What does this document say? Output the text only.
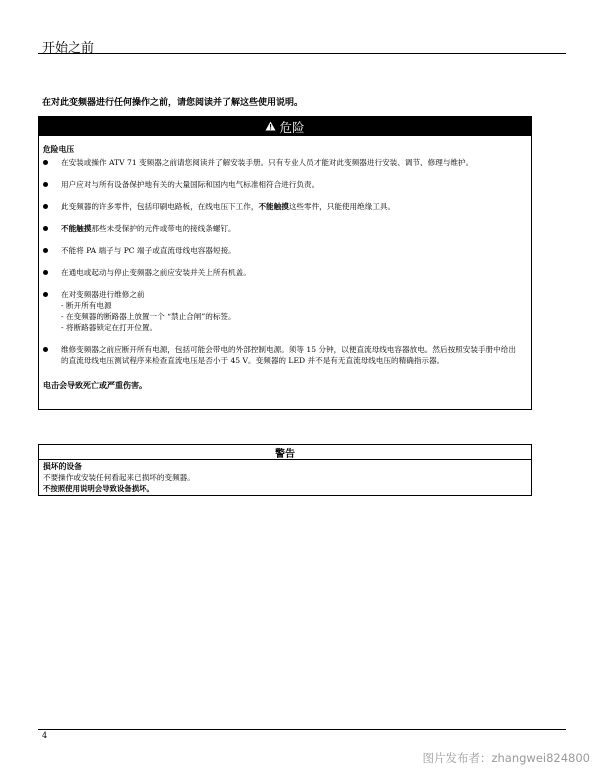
开始之前
在对此变频器进行任何操作之前，请您阅读并了解这些使用说明。
危险
危险电压
在安装或操作 ATV 71 变频器之前请您阅读并了解安装手册。只有专业人员才能对此变频器进行安装、调节、修理与维护。
用户应对与所有设备保护地有关的大量国际和国内电气标准相符合进行负责。
此变频器的许多零件，包括印刷电路板，在线电压下工作，不能触摸这些零件，只能使用绝缘工具。
不能触摸那些未受保护的元件或带电的接线条螺钉。
不能将 PA 端子与 PC 端子或直流母线电容器短接。
在通电或起动与停止变频器之前应安装并关上所有机盖。
在对变频器进行维修之前
- 断开所有电源
- 在变频器的断路器上放置一个 “禁止合闸”的标签。
- 将断路器锁定在打开位置。
维修变频器之前应断开所有电源，包括可能会带电的外部控制电源。须等 15 分钟，以便直流母线电容器放电。然后按照安装手册中给出的直流母线电压测试程序来检查直流电压是否小于 45 V。变频器的 LED 并不是有无直流母线电压的精确指示器。
电击会导致死亡或严重伤害。
警告
损坏的设备
不要操作或安装任何看起来已损坏的变频器。
不按照使用说明会导致设备损坏。
4
图片发布者：zhangwei824800
